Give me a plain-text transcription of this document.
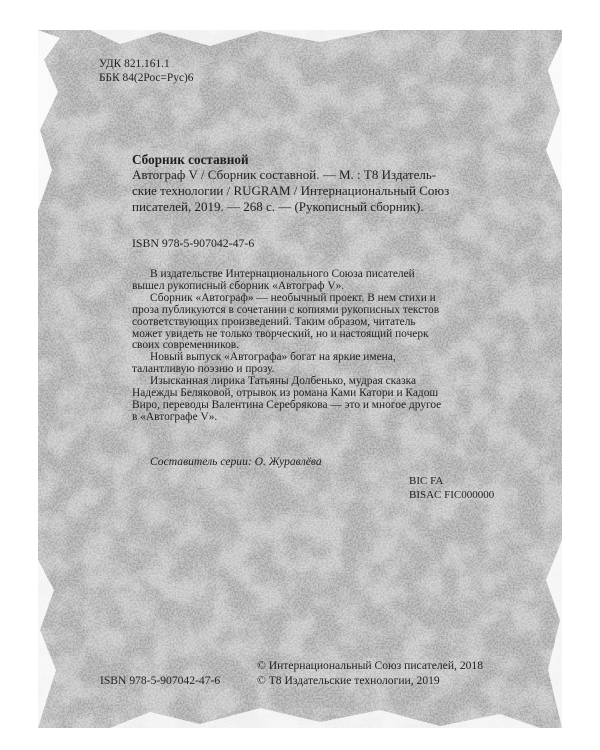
УДК 821.161.1
ББК 84(2Рос=Рус)6
Сборник составной
Автограф V / Сборник составной. — М. : Т8 Издатель-
ские технологии / RUGRAM / Интернациональный Союз
писателей, 2019. — 268 с. — (Рукописный сборник).
ISBN 978-5-907042-47-6
В издательстве Интернационального Союза писателей
вышел рукописный сборник «Автограф V».
Сборник «Автограф» — необычный проект. В нем стихи и
проза публикуются в сочетании с копиями рукописных текстов
соответствующих произведений. Таким образом, читатель
может увидеть не только творческий, но и настоящий почерк
своих современников.
Новый выпуск «Автографа» богат на яркие имена,
талантливую поэзию и прозу.
Изысканная лирика Татьяны Долбенько, мудрая сказка
Надежды Беляковой, отрывок из романа Ками Катори и Кадош
Виро, переводы Валентина Серебрякова — это и многое другое
в «Автографе V».
Составитель серии: О. Журавлёва
BIC FA
BISAC FIC000000
ISBN 978-5-907042-47-6
© Интернациональный Союз писателей, 2018
© Т8 Издательские технологии, 2019
